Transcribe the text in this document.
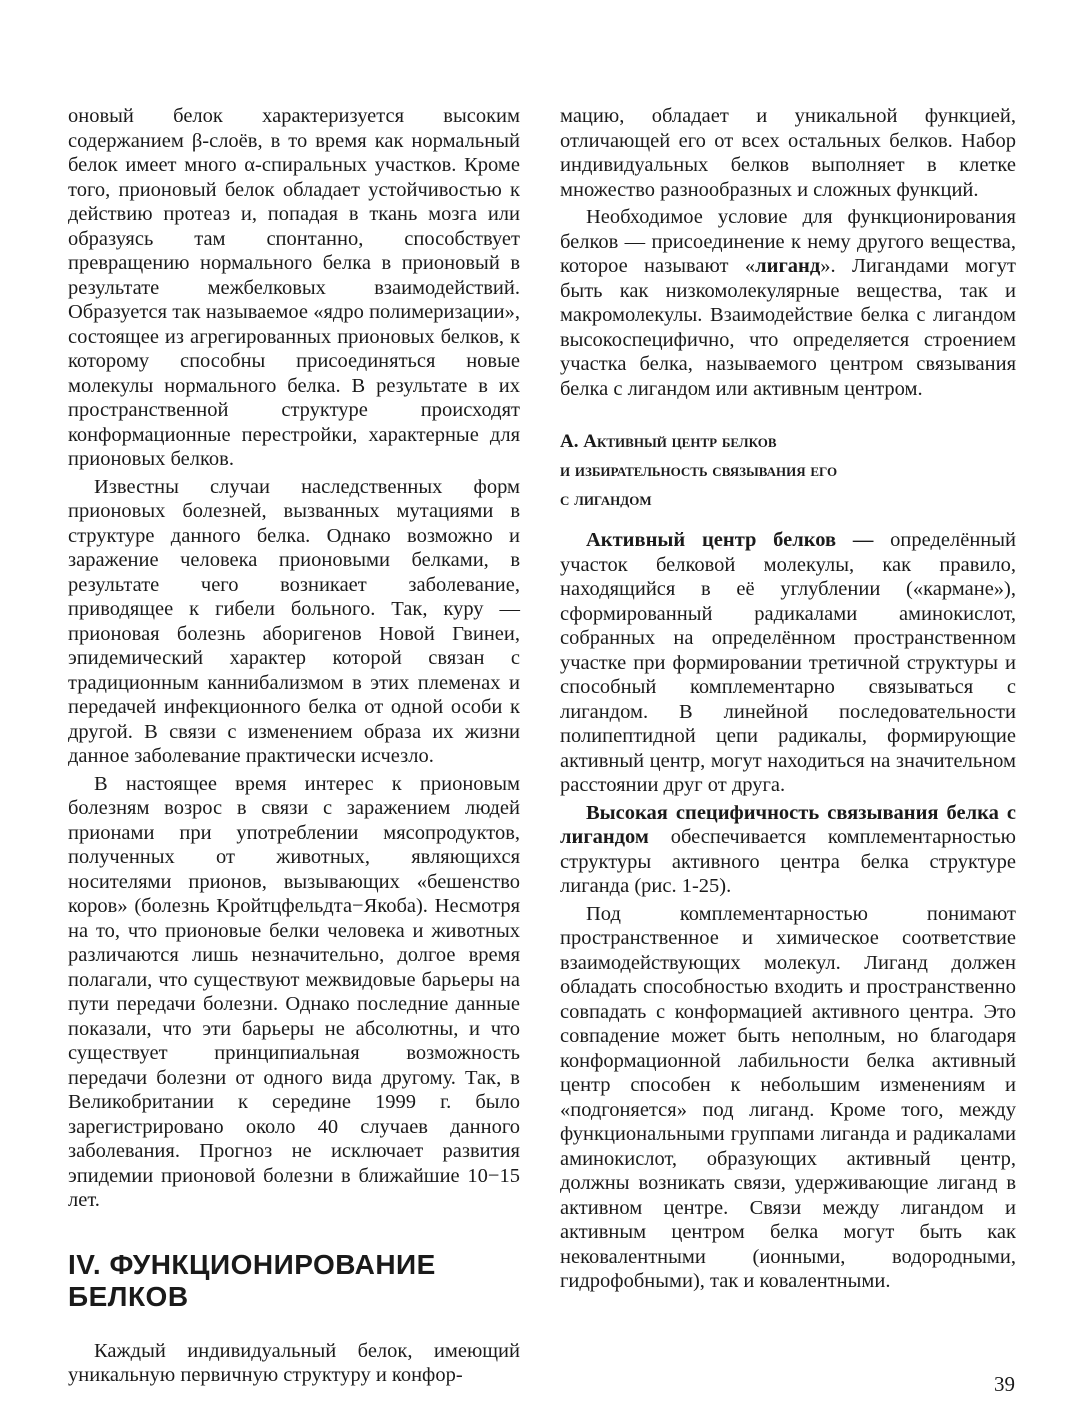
оновый белок характеризуется высоким содержанием β-слоёв, в то время как нормальный белок имеет много α-спиральных участков. Кроме того, прионовый белок обладает устойчивостью к действию протеаз и, попадая в ткань мозга или образуясь там спонтанно, способствует превращению нормального белка в прионовый в результате межбелковых взаимодействий. Образуется так называемое «ядро полимеризации», состоящее из агрегированных прионовых белков, к которому способны присоединяться новые молекулы нормального белка. В результате в их пространственной структуре происходят конформационные перестройки, характерные для прионовых белков.

Известны случаи наследственных форм прионовых болезней, вызванных мутациями в структуре данного белка. Однако возможно и заражение человека прионовыми белками, в результате чего возникает заболевание, приводящее к гибели больного. Так, куру — прионовая болезнь аборигенов Новой Гвинеи, эпидемический характер которой связан с традиционным каннибализмом в этих племенах и передачей инфекционного белка от одной особи к другой. В связи с изменением образа их жизни данное заболевание практически исчезло.

В настоящее время интерес к прионовым болезням возрос в связи с заражением людей прионами при употреблении мясопродуктов, полученных от животных, являющихся носителями прионов, вызывающих «бешенство коров» (болезнь Кройтцфельдта−Якоба). Несмотря на то, что прионовые белки человека и животных различаются лишь незначительно, долгое время полагали, что существуют межвидовые барьеры на пути передачи болезни. Однако последние данные показали, что эти барьеры не абсолютны, и что существует принципиальная возможность передачи болезни от одного вида другому. Так, в Великобритании к середине 1999 г. было зарегистрировано около 40 случаев данного заболевания. Прогноз не исключает развития эпидемии прионовой болезни в ближайшие 10−15 лет.

IV. ФУНКЦИОНИРОВАНИЕ
БЕЛКОВ

Каждый индивидуальный белок, имеющий уникальную первичную структуру и конфор-

мацию, обладает и уникальной функцией, отличающей его от всех остальных белков. Набор индивидуальных белков выполняет в клетке множество разнообразных и сложных функций.

Необходимое условие для функционирования белков — присоединение к нему другого вещества, которое называют «лиганд». Лигандами могут быть как низкомолекулярные вещества, так и макромолекулы. Взаимодействие белка с лигандом высокоспецифично, что определяется строением участка белка, называемого центром связывания белка с лигандом или активным центром.

А. Активный центр белков
и избирательность связывания его
с лигандом

Активный центр белков — определённый участок белковой молекулы, как правило, находящийся в её углублении («кармане»), сформированный радикалами аминокислот, собранных на определённом пространственном участке при формировании третичной структуры и способный комплементарно связываться с лигандом. В линейной последовательности полипептидной цепи радикалы, формирующие активный центр, могут находиться на значительном расстоянии друг от друга.

Высокая специфичность связывания белка с лигандом обеспечивается комплементарностью структуры активного центра белка структуре лиганда (рис. 1-25).

Под комплементарностью понимают пространственное и химическое соответствие взаимодействующих молекул. Лиганд должен обладать способностью входить и пространственно совпадать с конформацией активного центра. Это совпадение может быть неполным, но благодаря конформационной лабильности белка активный центр способен к небольшим изменениям и «подгоняется» под лиганд. Кроме того, между функциональными группами лиганда и радикалами аминокислот, образующих активный центр, должны возникать связи, удерживающие лиганд в активном центре. Связи между лигандом и активным центром белка могут быть как нековалентными (ионными, водородными, гидрофобными), так и ковалентными.

39
